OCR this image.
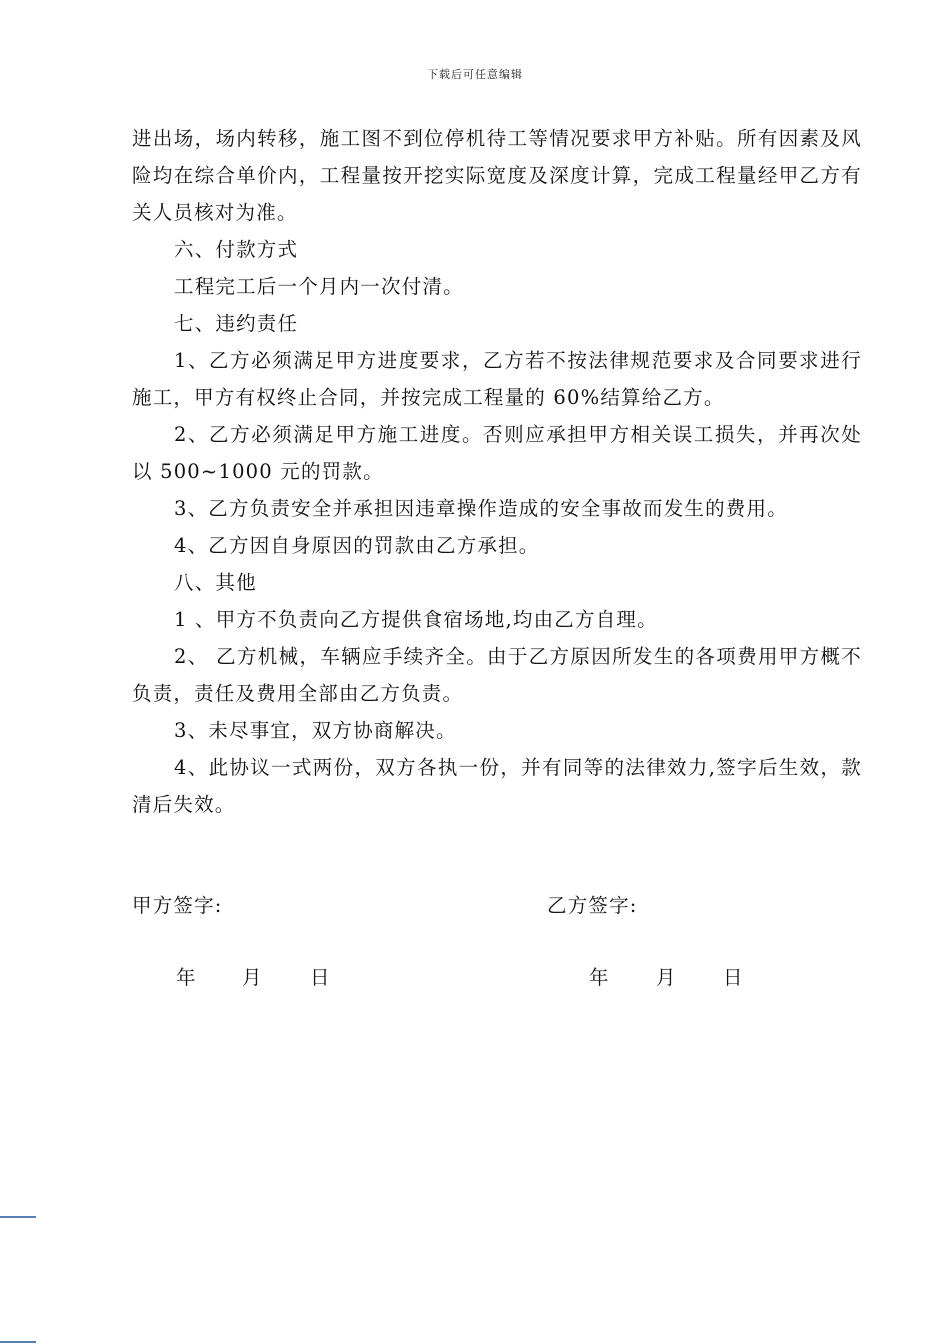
下载后可任意编辑

进出场，场内转移，施工图不到位停机待工等情况要求甲方补贴。所有因素及风险均在综合单价内，工程量按开挖实际宽度及深度计算，完成工程量经甲乙方有关人员核对为准。

六、付款方式

工程完工后一个月内一次付清。

七、违约责任

1、乙方必须满足甲方进度要求，乙方若不按法律规范要求及合同要求进行施工，甲方有权终止合同，并按完成工程量的 60%结算给乙方。

2、乙方必须满足甲方施工进度。否则应承担甲方相关误工损失，并再次处以 500~1000 元的罚款。

3、乙方负责安全并承担因违章操作造成的安全事故而发生的费用。

4、乙方因自身原因的罚款由乙方承担。

八、其他

1 、甲方不负责向乙方提供食宿场地,均由乙方自理。

2、 乙方机械，车辆应手续齐全。由于乙方原因所发生的各项费用甲方概不负责，责任及费用全部由乙方负责。

3、未尽事宜，双方协商解决。

4、此协议一式两份，双方各执一份，并有同等的法律效力,签字后生效，款清后失效。

甲方签字:	乙方签字:
年 月 日	年 月 日
